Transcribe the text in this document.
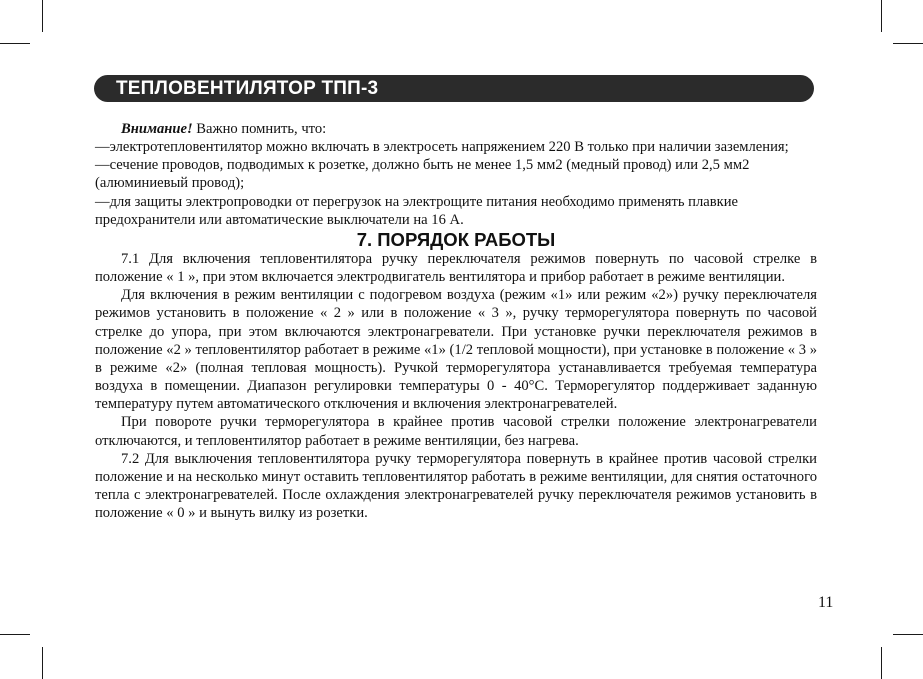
ТЕПЛОВЕНТИЛЯТОР ТПП-3

Внимание! Важно помнить, что:

—электротепловентилятор можно включать в электросеть напряжением 220 В только при наличии заземления;

—сечение проводов, подводимых к розетке, должно быть не менее 1,5 мм2 (медный провод) или 2,5 мм2 (алюминиевый провод);

—для защиты электропроводки от перегрузок на электрощите питания необходимо применять плавкие предохранители или автоматические выключатели на 16 А.

7. ПОРЯДОК РАБОТЫ

7.1 Для включения тепловентилятора ручку переключателя режимов повернуть по часовой стрелке в положение « 1 », при этом включается электродвигатель вентилятора и прибор работает в режиме вентиляции.

Для включения в режим вентиляции с подогревом воздуха (режим «1» или режим «2») ручку переключателя режимов установить в положение « 2 » или в положение « 3 », ручку терморегулятора повернуть по часовой стрелке до упора, при этом включаются электронагреватели. При установке ручки переключателя режимов в положение «2 » тепловентилятор работает в режиме «1» (1/2 тепловой мощности), при установке в положение « 3 » в режиме «2» (полная тепловая мощность). Ручкой терморегулятора устанавливается требуемая температура воздуха в помещении. Диапазон регулировки температуры 0 - 40°С. Терморегулятор поддерживает заданную температуру путем автоматического отключения и включения электронагревателей.

При повороте ручки терморегулятора в крайнее против часовой стрелки положение электронагреватели отключаются, и тепловентилятор работает в режиме вентиляции, без нагрева.

7.2 Для выключения тепловентилятора ручку терморегулятора повернуть в крайнее против часовой стрелки положение и на несколько минут оставить тепловентилятор работать в режиме вентиляции, для снятия остаточного тепла с электронагревателей. После охлаждения электронагревателей ручку переключателя режимов установить в положение « 0 » и вынуть вилку из розетки.

11
